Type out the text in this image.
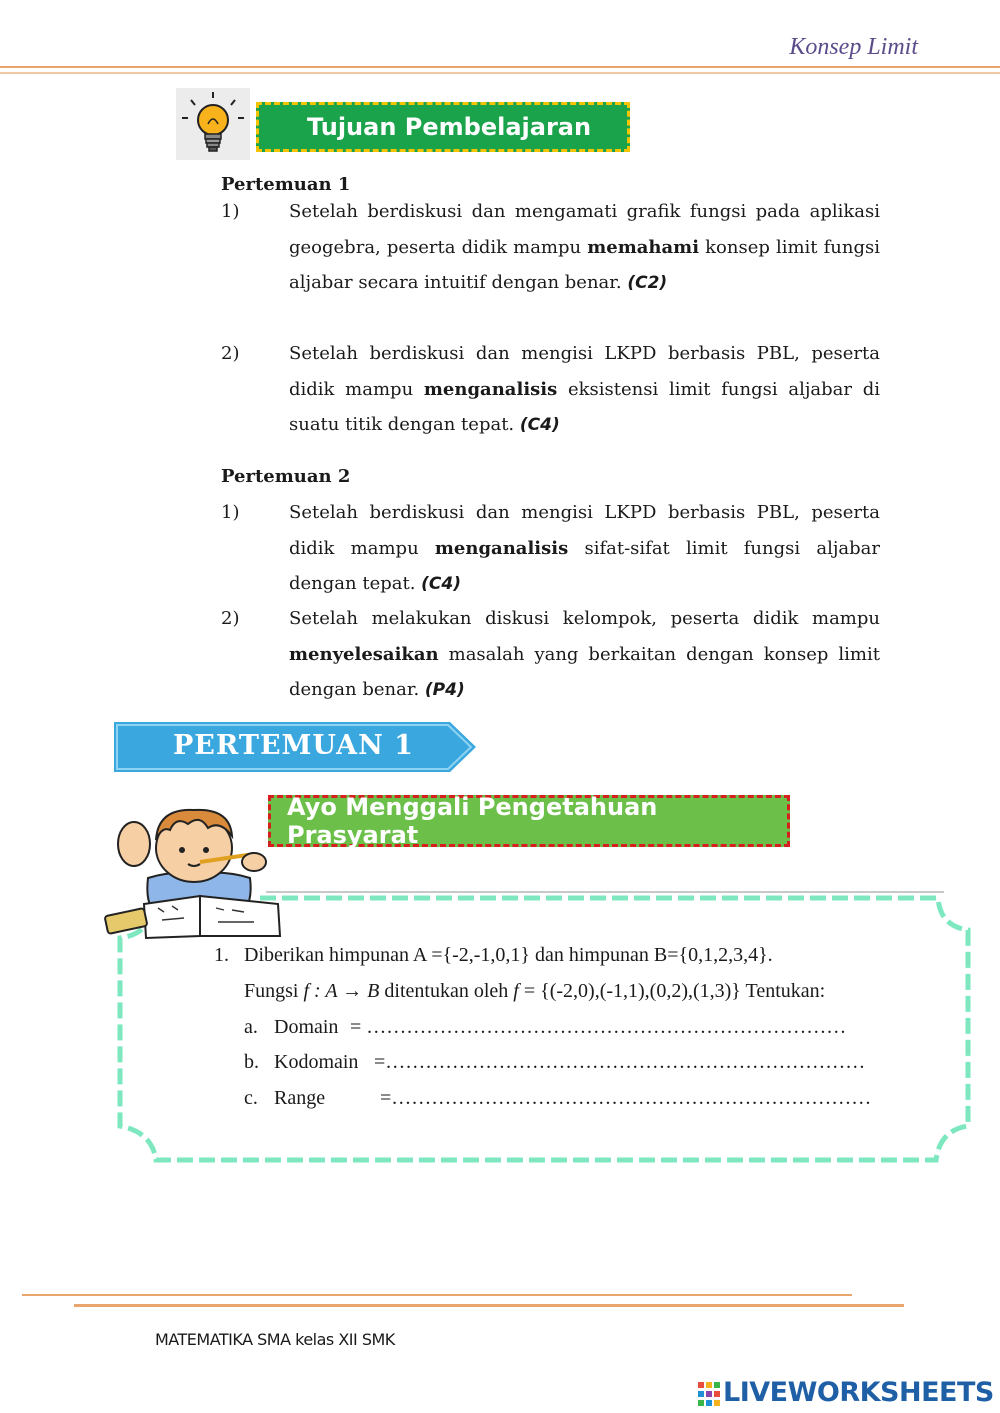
Konsep Limit
Tujuan Pembelajaran
Pertemuan 1
1)	Setelah berdiskusi dan mengamati grafik fungsi pada aplikasi geogebra, peserta didik mampu memahami konsep limit fungsi aljabar secara intuitif dengan benar. (C2)
2)	Setelah berdiskusi dan mengisi LKPD berbasis PBL, peserta didik mampu menganalisis eksistensi limit fungsi aljabar di suatu titik dengan tepat. (C4)
Pertemuan 2
1)	Setelah berdiskusi dan mengisi LKPD berbasis PBL, peserta didik mampu menganalisis sifat-sifat limit fungsi aljabar dengan tepat. (C4)
2)	Setelah melakukan diskusi kelompok, peserta didik mampu menyelesaikan masalah yang berkaitan dengan konsep limit dengan benar. (P4)
PERTEMUAN 1
Ayo Menggali Pengetahuan Prasyarat
1. Diberikan himpunan A ={-2,-1,0,1} dan himpunan B={0,1,2,3,4}.
Fungsi f : A → B ditentukan oleh f = {(-2,0),(-1,1),(0,2),(1,3)} Tentukan:
a. Domain = ………………………………………………………………
b. Kodomain =………………………………………………………………
c. Range	=………………………………………………………………
MATEMATIKA SMA kelas XII SMK
LIVEWORKSHEETS
